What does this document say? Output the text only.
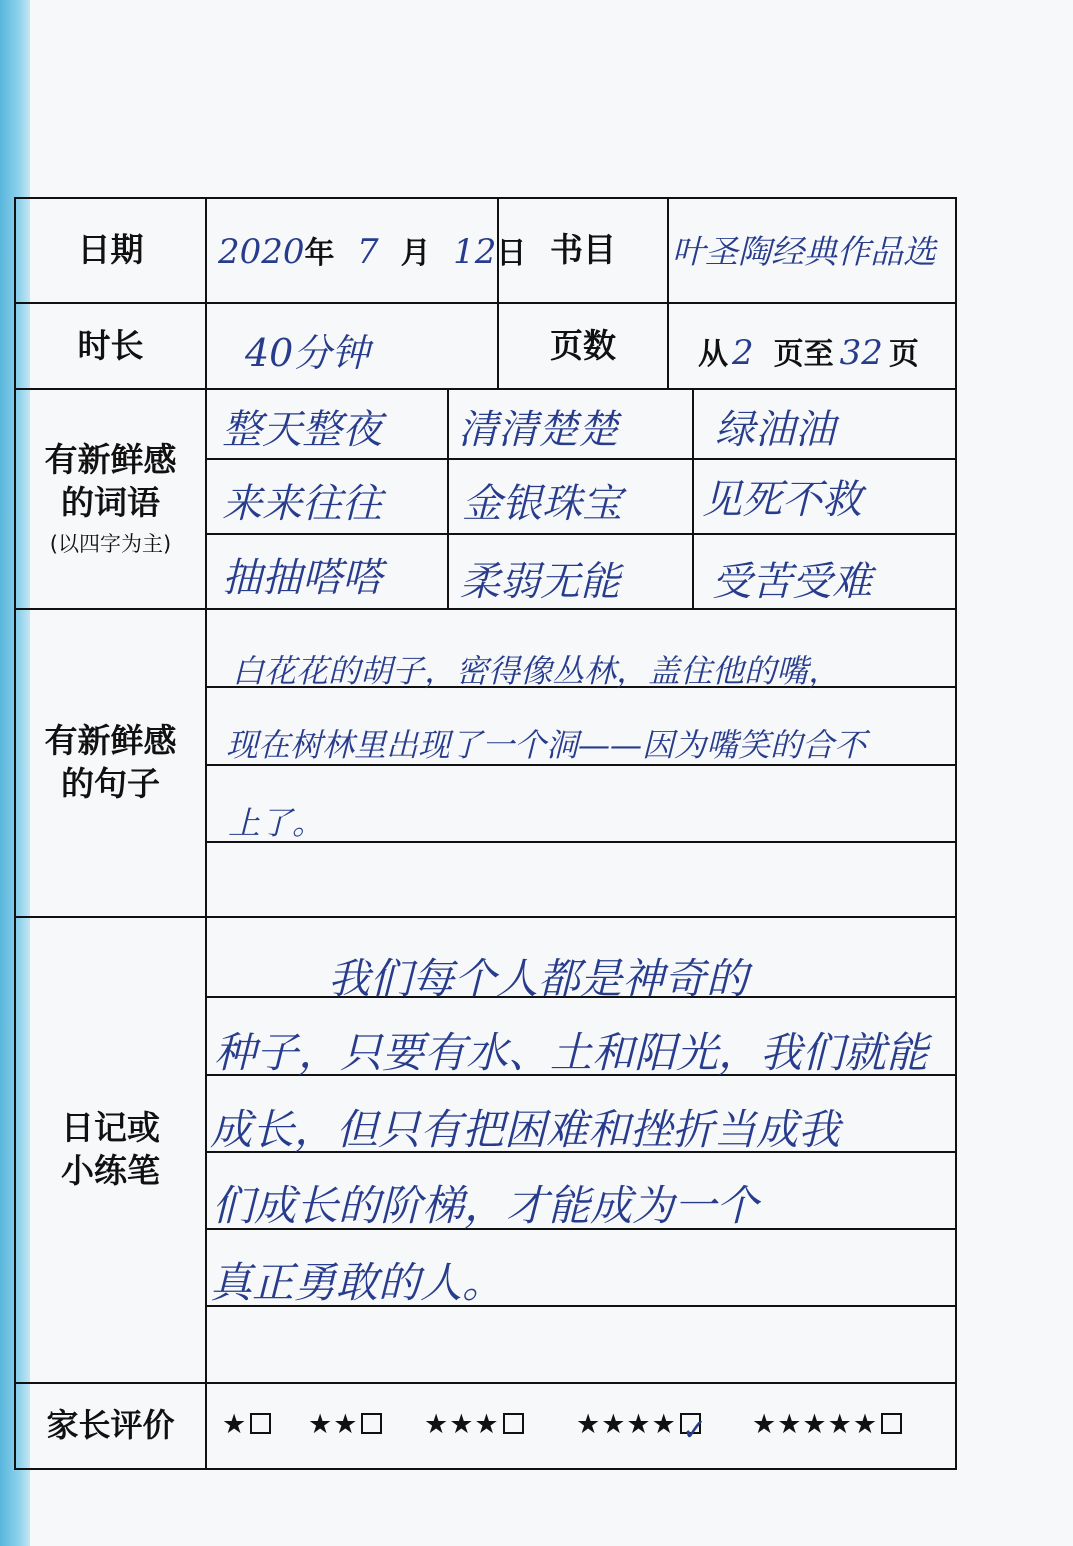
日期	2020年 7 月 12日 书目	叶圣陶经典作品选
时长	40分钟	页数	从 2 页至 32 页
有新鲜感的词语
(以四字为主)
整天整夜 清清楚楚 绿油油
来来往往 金银珠宝 见死不救
抽抽嗒嗒 柔弱无能 受苦受难
有新鲜感的句子
白花花的胡子，密得像丛林，盖住他的嘴，
现在树林里出现了一个洞——因为嘴笑的合不
上了。
日记或小练笔
我们每个人都是神奇的
种子，只要有水、土和阳光，我们就能
成长，但只有把困难和挫折当成我
们成长的阶梯，才能成为一个
真正勇敢的人。
家长评价	★	★★	★★★	★★★★ ✓ ★★★★★
